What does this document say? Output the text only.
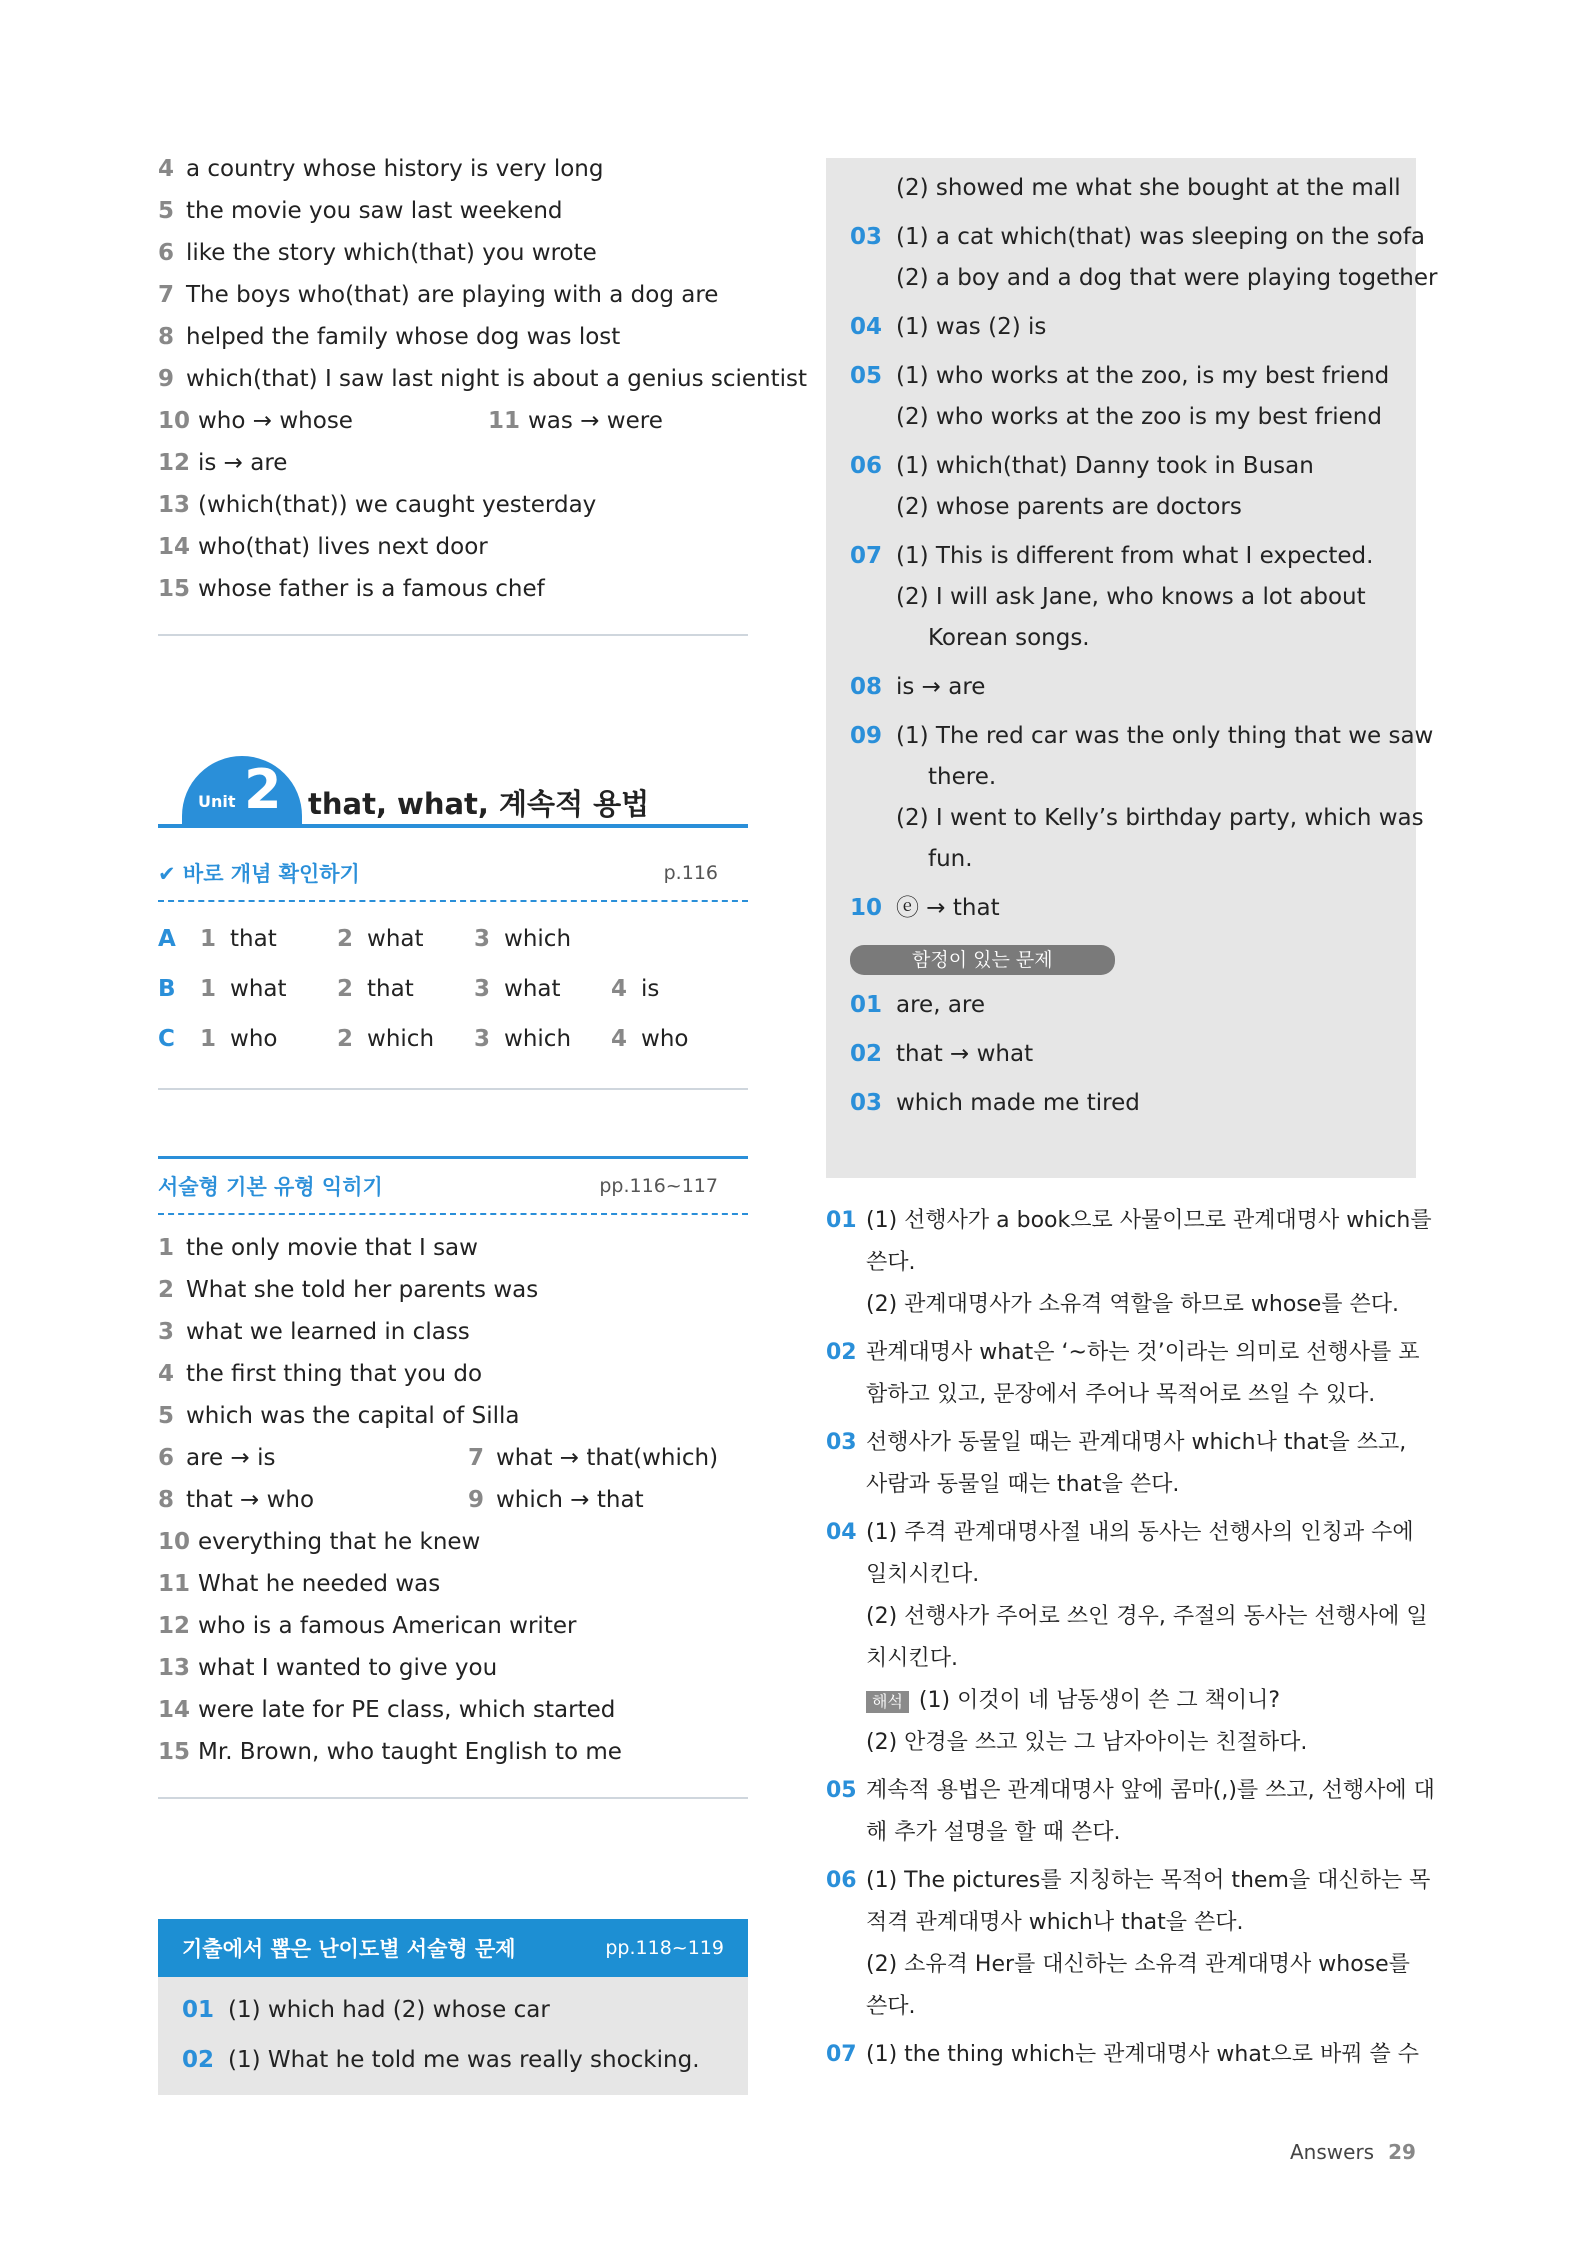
4 a country whose history is very long
5 the movie you saw last weekend
6 like the story which(that) you wrote
7 The boys who(that) are playing with a dog are
8 helped the family whose dog was lost
9 which(that) I saw last night is about a genius scientist
10 who → whose	11 was → were
12 is → are
13 (which(that)) we caught yesterday
14 who(that) lives next door
15 whose father is a famous chef
Unit 2 that, what, 계속적 용법
✔ 바로 개념 확인하기	p.116
A	1 that	2 what	3 which
B	1 what	2 that	3 what	4 is
C	1 who	2 which	3 which	4 who
서술형 기본 유형 익히기	pp.116~117
1 the only movie that I saw
2 What she told her parents was
3 what we learned in class
4 the first thing that you do
5 which was the capital of Silla
6 are → is	7 what → that(which)
8 that → who	9 which → that
10 everything that he knew
11 What he needed was
12 who is a famous American writer
13 what I wanted to give you
14 were late for PE class, which started
15 Mr. Brown, who taught English to me
기출에서 뽑은 난이도별 서술형 문제	pp.118~119
01 (1) which had (2) whose car
02 (1) What he told me was really shocking.
(2) showed me what she bought at the mall
03 (1) a cat which(that) was sleeping on the sofa
(2) a boy and a dog that were playing together
04 (1) was (2) is
05 (1) who works at the zoo, is my best friend
(2) who works at the zoo is my best friend
06 (1) which(that) Danny took in Busan
(2) whose parents are doctors
07 (1) This is different from what I expected.
(2) I will ask Jane, who knows a lot about
Korean songs.
08 is → are
09 (1) The red car was the only thing that we saw
there.
(2) I went to Kelly’s birthday party, which was
fun.
10 ⓔ → that
함정이 있는 문제
01 are, are
02 that → what
03 which made me tired
01 (1) 선행사가 a book으로 사물이므로 관계대명사 which를
쓴다.
(2) 관계대명사가 소유격 역할을 하므로 whose를 쓴다.
02 관계대명사 what은 ‘~하는 것’이라는 의미로 선행사를 포
함하고 있고, 문장에서 주어나 목적어로 쓰일 수 있다.
03 선행사가 동물일 때는 관계대명사 which나 that을 쓰고,
사람과 동물일 때는 that을 쓴다.
04 (1) 주격 관계대명사절 내의 동사는 선행사의 인칭과 수에
일치시킨다.
(2) 선행사가 주어로 쓰인 경우, 주절의 동사는 선행사에 일
치시킨다.
해석 (1) 이것이 네 남동생이 쓴 그 책이니?
(2) 안경을 쓰고 있는 그 남자아이는 친절하다.
05 계속적 용법은 관계대명사 앞에 콤마(,)를 쓰고, 선행사에 대
해 추가 설명을 할 때 쓴다.
06 (1) The pictures를 지칭하는 목적어 them을 대신하는 목
적격 관계대명사 which나 that을 쓴다.
(2) 소유격 Her를 대신하는 소유격 관계대명사 whose를
쓴다.
07 (1) the thing which는 관계대명사 what으로 바꿔 쓸 수
Answers 29
